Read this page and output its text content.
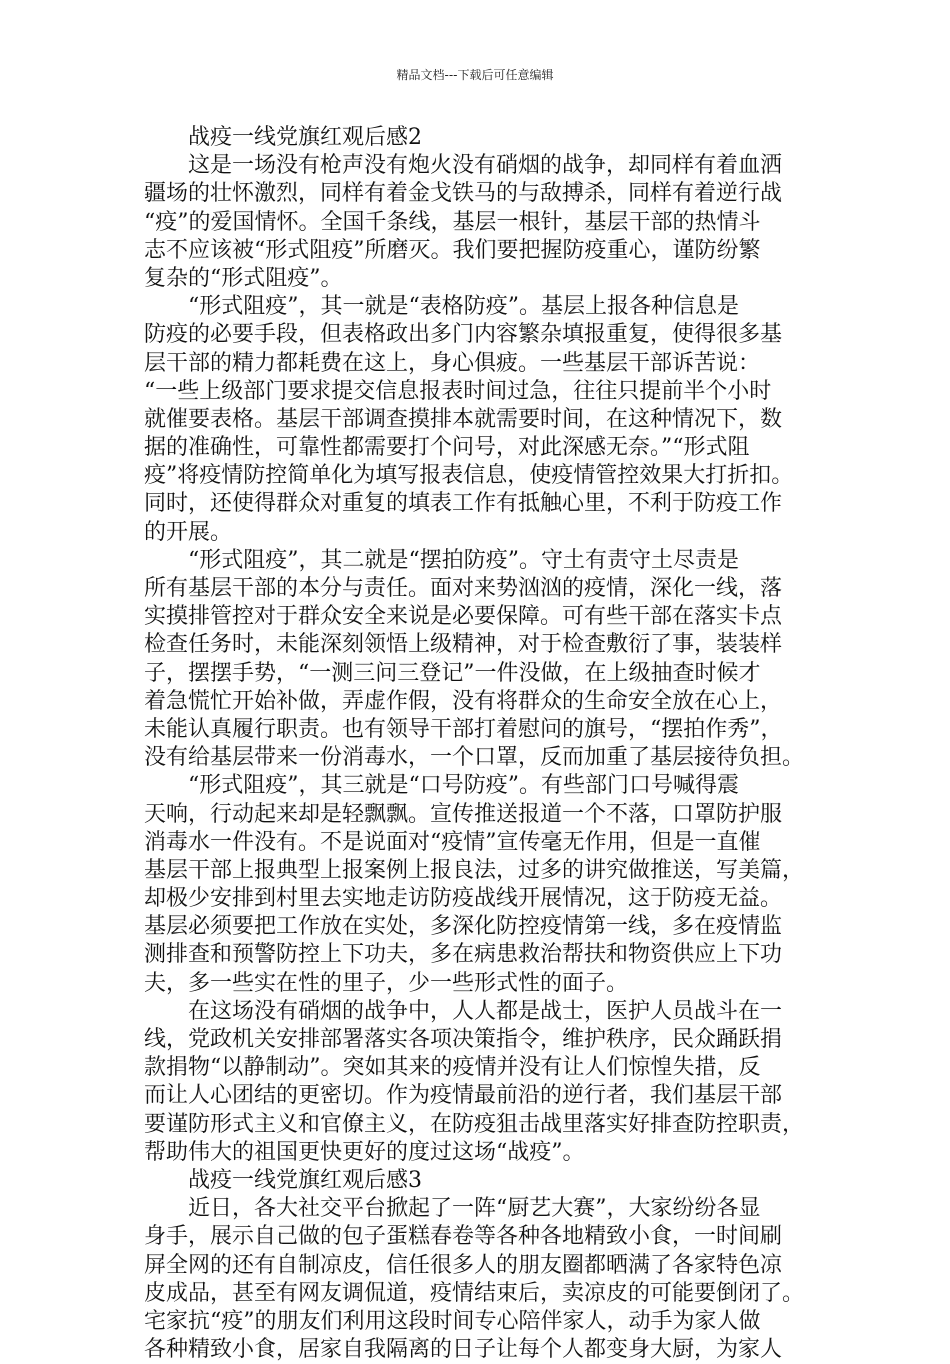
精品文档---下载后可任意编辑
战疫一线党旗红观后感2
这是一场没有枪声没有炮火没有硝烟的战争，却同样有着血洒
疆场的壮怀激烈，同样有着金戈铁马的与敌搏杀，同样有着逆行战
“疫”的爱国情怀。全国千条线，基层一根针，基层干部的热情斗
志不应该被“形式阻疫”所磨灭。我们要把握防疫重心，谨防纷繁
复杂的“形式阻疫”。
“形式阻疫”，其一就是“表格防疫”。基层上报各种信息是
防疫的必要手段，但表格政出多门内容繁杂填报重复，使得很多基
层干部的精力都耗费在这上，身心俱疲。一些基层干部诉苦说：
“一些上级部门要求提交信息报表时间过急，往往只提前半个小时
就催要表格。基层干部调查摸排本就需要时间，在这种情况下，数
据的准确性，可靠性都需要打个问号，对此深感无奈。”“形式阻
疫”将疫情防控简单化为填写报表信息，使疫情管控效果大打折扣。
同时，还使得群众对重复的填表工作有抵触心里，不利于防疫工作
的开展。
“形式阻疫”，其二就是“摆拍防疫”。守土有责守土尽责是
所有基层干部的本分与责任。面对来势汹汹的疫情，深化一线，落
实摸排管控对于群众安全来说是必要保障。可有些干部在落实卡点
检查任务时，未能深刻领悟上级精神，对于检查敷衍了事，装装样
子，摆摆手势，“一测三问三登记”一件没做，在上级抽查时候才
着急慌忙开始补做，弄虚作假，没有将群众的生命安全放在心上，
未能认真履行职责。也有领导干部打着慰问的旗号，“摆拍作秀”，
没有给基层带来一份消毒水，一个口罩，反而加重了基层接待负担。
“形式阻疫”，其三就是“口号防疫”。有些部门口号喊得震
天响，行动起来却是轻飘飘。宣传推送报道一个不落，口罩防护服
消毒水一件没有。不是说面对“疫情”宣传毫无作用，但是一直催
基层干部上报典型上报案例上报良法，过多的讲究做推送，写美篇，
却极少安排到村里去实地走访防疫战线开展情况，这于防疫无益。
基层必须要把工作放在实处，多深化防控疫情第一线，多在疫情监
测排查和预警防控上下功夫，多在病患救治帮扶和物资供应上下功
夫，多一些实在性的里子，少一些形式性的面子。
在这场没有硝烟的战争中，人人都是战士，医护人员战斗在一
线，党政机关安排部署落实各项决策指令，维护秩序，民众踊跃捐
款捐物“以静制动”。突如其来的疫情并没有让人们惊惶失措，反
而让人心团结的更密切。作为疫情最前沿的逆行者，我们基层干部
要谨防形式主义和官僚主义，在防疫狙击战里落实好排查防控职责，
帮助伟大的祖国更快更好的度过这场“战疫”。
战疫一线党旗红观后感3
近日，各大社交平台掀起了一阵“厨艺大赛”，大家纷纷各显
身手，展示自己做的包子蛋糕春卷等各种各地精致小食，一时间刷
屏全网的还有自制凉皮，信任很多人的朋友圈都晒满了各家特色凉
皮成品，甚至有网友调侃道，疫情结束后，卖凉皮的可能要倒闭了。
宅家抗“疫”的朋友们利用这段时间专心陪伴家人，动手为家人做
各种精致小食，居家自我隔离的日子让每个人都变身大厨，为家人
